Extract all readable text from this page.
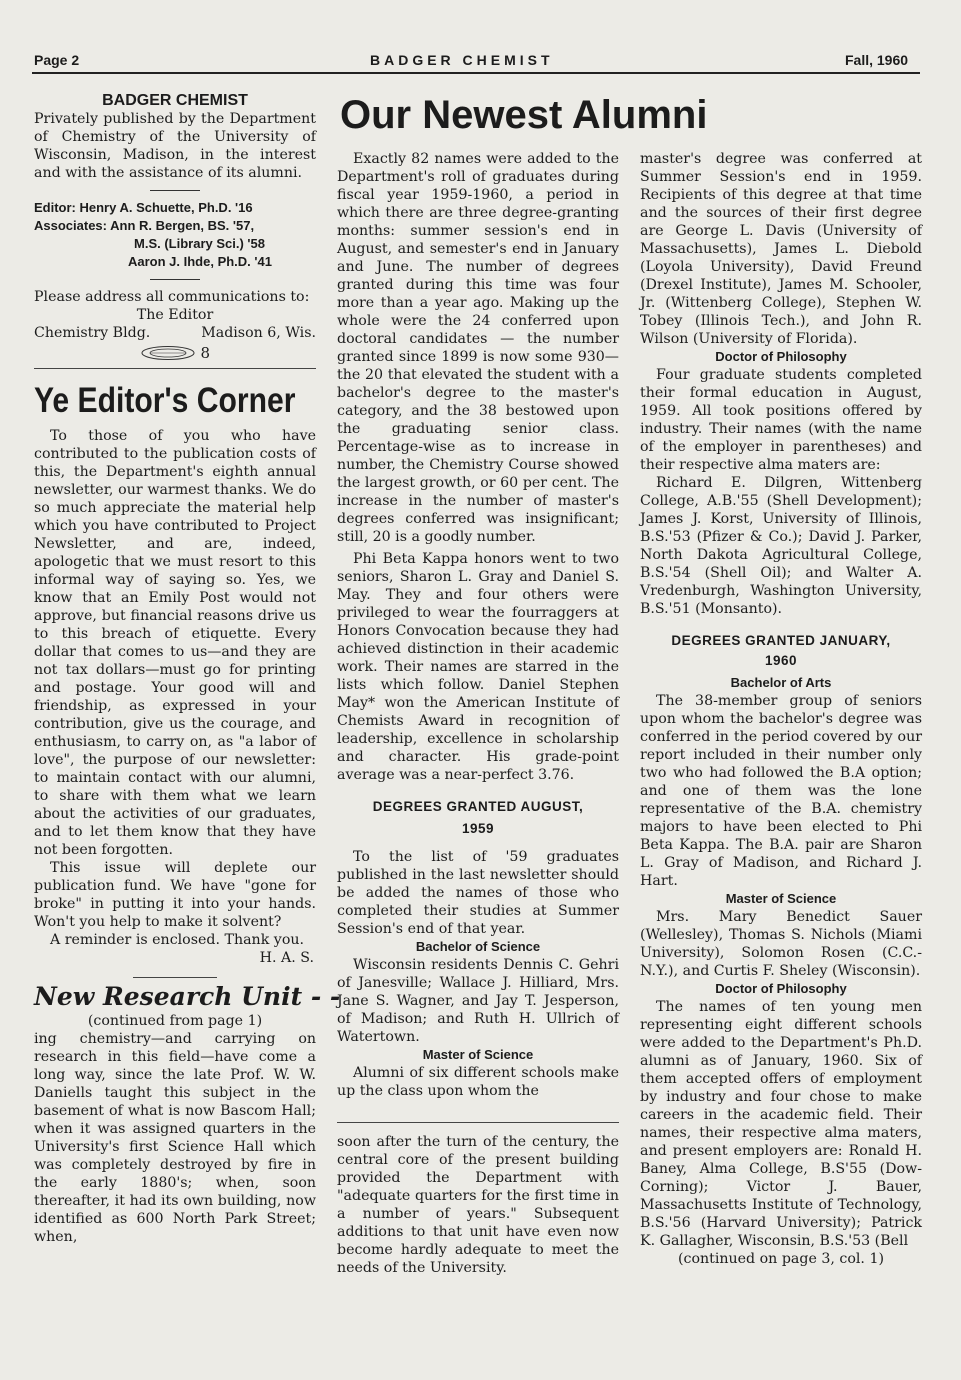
Page 2	BADGER CHEMIST	Fall, 1960
BADGER CHEMIST

Privately published by the Department of Chemistry of the University of Wisconsin, Madison, in the interest and with the assistance of its alumni.

Editor: Henry A. Schuette, Ph.D. '16
Associates: Ann R. Bergen, BS. '57,
M.S. (Library Sci.) '58
Aaron J. Ihde, Ph.D. '41

Please address all communications to:

The Editor
Chemistry Bldg.	Madison 6, Wis.
8
Ye Editor's Corner

To those of you who have contributed to the publication costs of this, the Department's eighth annual newsletter, our warmest thanks. We do so much appreciate the material help which you have contributed to Project Newsletter, and are, indeed, apologetic that we must resort to this informal way of saying so. Yes, we know that an Emily Post would not approve, but financial reasons drive us to this breach of etiquette. Every dollar that comes to us—and they are not tax dollars—must go for printing and postage. Your good will and friendship, as expressed in your contribution, give us the courage, and enthusiasm, to carry on, as "a labor of love", the purpose of our newsletter: to maintain contact with our alumni, to share with them what we learn about the activities of our graduates, and to let them know that they have not been forgotten.

This issue will deplete our publication fund. We have "gone for broke" in putting it into your hands. Won't you help to make it solvent?

A reminder is enclosed. Thank you.

H. A. S.
New Research Unit - -
(continued from page 1)

ing chemistry—and carrying on research in this field—have come a long way, since the late Prof. W. W. Daniells taught this subject in the basement of what is now Bascom Hall; when it was assigned quarters in the University's first Science Hall which was completely destroyed by fire in the early 1880's; when, soon thereafter, it had its own building, now identified as 600 North Park Street; when,

Our Newest Alumni

Exactly 82 names were added to the Department's roll of graduates during fiscal year 1959-1960, a period in which there are three degree-granting months: summer session's end in August, and semester's end in January and June. The number of degrees granted during this time was four more than a year ago. Making up the whole were the 24 conferred upon doctoral candidates — the number granted since 1899 is now some 930—the 20 that elevated the student with a bachelor's degree to the master's category, and the 38 bestowed upon the graduating senior class. Percentage-wise as to increase in number, the Chemistry Course showed the largest growth, or 60 per cent. The increase in the number of master's degrees conferred was insignificant; still, 20 is a goodly number.

Phi Beta Kappa honors went to two seniors, Sharon L. Gray and Daniel S. May. They and four others were privileged to wear the fourraggers at Honors Convocation because they had achieved distinction in their academic work. Their names are starred in the lists which follow. Daniel Stephen May* won the American Institute of Chemists Award in recognition of leadership, excellence in scholarship and character. His grade-point average was a near-perfect 3.76.

DEGREES GRANTED AUGUST,
1959

To the list of '59 graduates published in the last newsletter should be added the names of those who completed their studies at Summer Session's end of that year.

Bachelor of Science

Wisconsin residents Dennis C. Gehri of Janesville; Wallace J. Hilliard, Mrs. Jane S. Wagner, and Jay T. Jesperson, of Madison; and Ruth H. Ullrich of Watertown.

Master of Science

Alumni of six different schools make up the class upon whom the

soon after the turn of the century, the central core of the present building provided the Department with "adequate quarters for the first time in a number of years." Subsequent additions to that unit have even now become hardly adequate to meet the needs of the University.

master's degree was conferred at Summer Session's end in 1959. Recipients of this degree at that time and the sources of their first degree are George L. Davis (University of Massachusetts), James L. Diebold (Loyola University), David Freund (Drexel Institute), James M. Schooler, Jr. (Wittenberg College), Stephen W. Tobey (Illinois Tech.), and John R. Wilson (University of Florida).

Doctor of Philosophy

Four graduate students completed their formal education in August, 1959. All took positions offered by industry. Their names (with the name of the employer in parentheses) and their respective alma maters are:

Richard E. Dilgren, Wittenberg College, A.B.'55 (Shell Development); James J. Korst, University of Illinois, B.S.'53 (Pfizer & Co.); David J. Parker, North Dakota Agricultural College, B.S.'54 (Shell Oil); and Walter A. Vredenburgh, Washington University, B.S.'51 (Monsanto).

DEGREES GRANTED JANUARY,
1960
Bachelor of Arts

The 38-member group of seniors upon whom the bachelor's degree was conferred in the period covered by our report included in their number only two who had followed the B.A option; and one of them was the lone representative of the B.A. chemistry majors to have been elected to Phi Beta Kappa. The B.A. pair are Sharon L. Gray of Madison, and Richard J. Hart.

Master of Science

Mrs. Mary Benedict Sauer (Wellesley), Thomas S. Nichols (Miami University), Solomon Rosen (C.C.-N.Y.), and Curtis F. Sheley (Wisconsin).

Doctor of Philosophy

The names of ten young men representing eight different schools were added to the Department's Ph.D. alumni as of January, 1960. Six of them accepted offers of employment by industry and four chose to make careers in the academic field. Their names, their respective alma maters, and present employers are: Ronald H. Baney, Alma College, B.S'55 (Dow-Corning); Victor J. Bauer, Massachusetts Institute of Technology, B.S.'56 (Harvard University); Patrick K. Gallagher, Wisconsin, B.S.'53 (Bell

(continued on page 3, col. 1)
